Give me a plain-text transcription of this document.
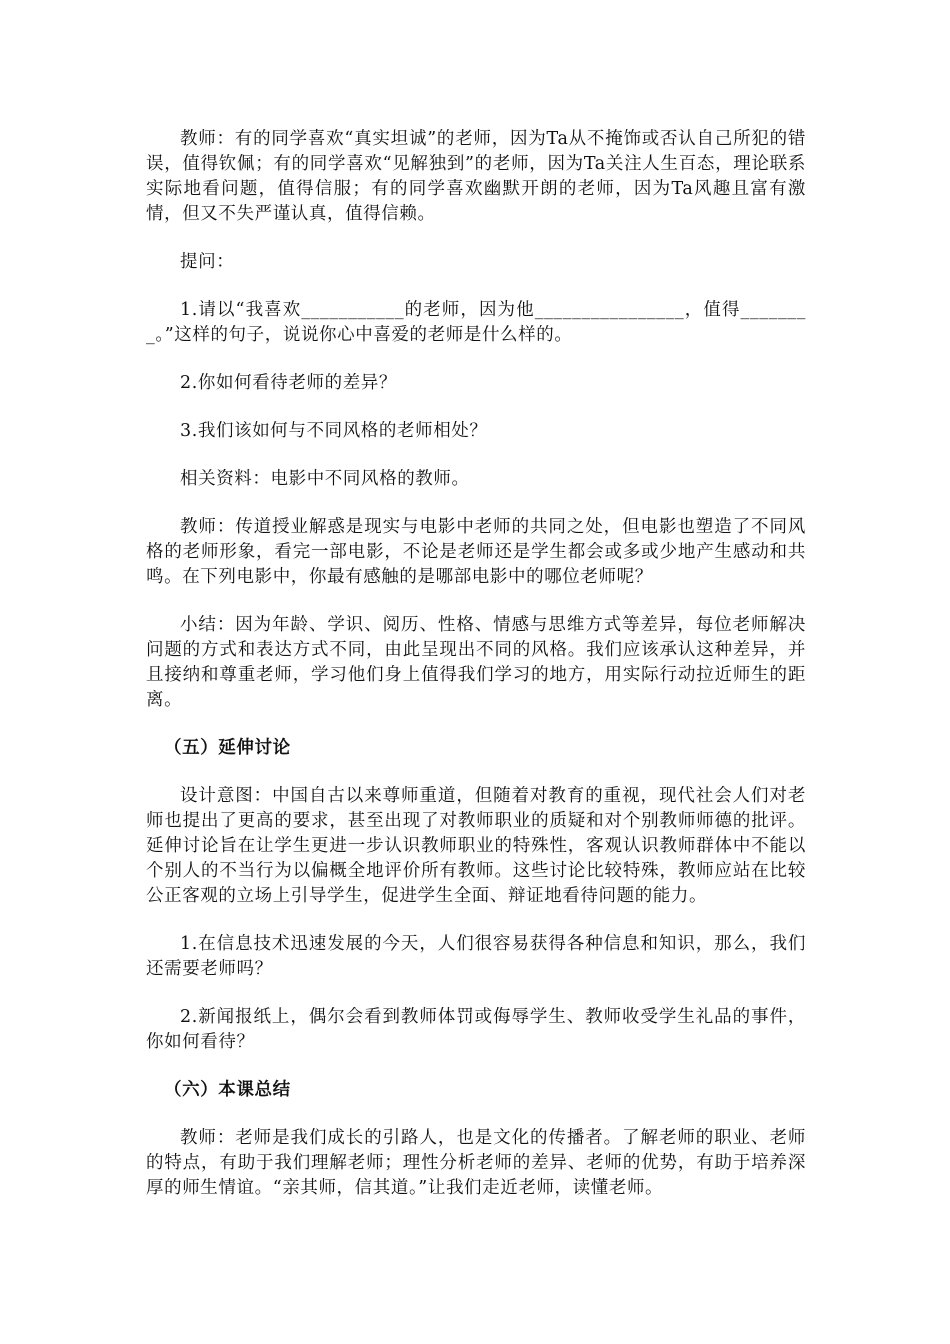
教师：有的同学喜欢“真实坦诚”的老师，因为Ta从不掩饰或否认自己所犯的错误，值得钦佩；有的同学喜欢“见解独到”的老师，因为Ta关注人生百态，理论联系实际地看问题，值得信服；有的同学喜欢幽默开朗的老师，因为Ta风趣且富有激情，但又不失严谨认真，值得信赖。

提问：

1.请以“我喜欢___________的老师，因为他________________，值得________。”这样的句子，说说你心中喜爱的老师是什么样的。

2.你如何看待老师的差异？

3.我们该如何与不同风格的老师相处？

相关资料：电影中不同风格的教师。

教师：传道授业解惑是现实与电影中老师的共同之处，但电影也塑造了不同风格的老师形象，看完一部电影，不论是老师还是学生都会或多或少地产生感动和共鸣。在下列电影中，你最有感触的是哪部电影中的哪位老师呢？

小结：因为年龄、学识、阅历、性格、情感与思维方式等差异，每位老师解决问题的方式和表达方式不同，由此呈现出不同的风格。我们应该承认这种差异，并且接纳和尊重老师，学习他们身上值得我们学习的地方，用实际行动拉近师生的距离。

（五）延伸讨论

设计意图：中国自古以来尊师重道，但随着对教育的重视，现代社会人们对老师也提出了更高的要求，甚至出现了对教师职业的质疑和对个别教师师德的批评。延伸讨论旨在让学生更进一步认识教师职业的特殊性，客观认识教师群体中不能以个别人的不当行为以偏概全地评价所有教师。这些讨论比较特殊，教师应站在比较公正客观的立场上引导学生，促进学生全面、辩证地看待问题的能力。

1.在信息技术迅速发展的今天，人们很容易获得各种信息和知识，那么，我们还需要老师吗？

2.新闻报纸上，偶尔会看到教师体罚或侮辱学生、教师收受学生礼品的事件，你如何看待？

（六）本课总结

教师：老师是我们成长的引路人，也是文化的传播者。了解老师的职业、老师的特点，有助于我们理解老师；理性分析老师的差异、老师的优势，有助于培养深厚的师生情谊。“亲其师，信其道。”让我们走近老师，读懂老师。
